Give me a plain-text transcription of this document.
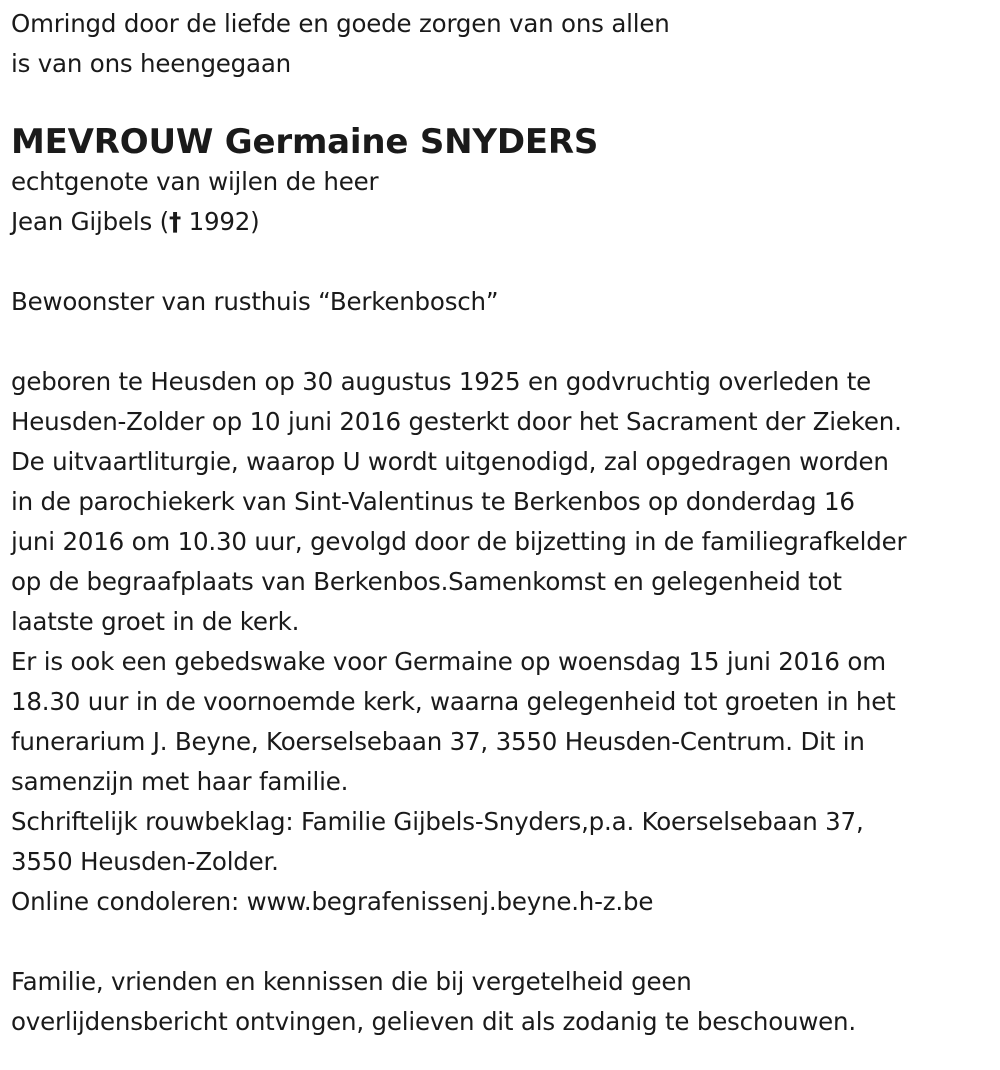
Omringd door de liefde en goede zorgen van ons allen
is van ons heengegaan
MEVROUW Germaine SNYDERS
echtgenote van wijlen de heer
Jean Gijbels († 1992)
Bewoonster van rusthuis “Berkenbosch”
geboren te Heusden op 30 augustus 1925 en godvruchtig overleden te
Heusden-Zolder op 10 juni 2016 gesterkt door het Sacrament der Zieken.
De uitvaartliturgie, waarop U wordt uitgenodigd, zal opgedragen worden
in de parochiekerk van Sint-Valentinus te Berkenbos op donderdag 16
juni 2016 om 10.30 uur, gevolgd door de bijzetting in de familiegrafkelder
op de begraafplaats van Berkenbos.Samenkomst en gelegenheid tot
laatste groet in de kerk.
Er is ook een gebedswake voor Germaine op woensdag 15 juni 2016 om
18.30 uur in de voornoemde kerk, waarna gelegenheid tot groeten in het
funerarium J. Beyne, Koerselsebaan 37, 3550 Heusden-Centrum. Dit in
samenzijn met haar familie.
Schriftelijk rouwbeklag: Familie Gijbels-Snyders,p.a. Koerselsebaan 37,
3550 Heusden-Zolder.
Online condoleren: www.begrafenissenj.beyne.h-z.be
Familie, vrienden en kennissen die bij vergetelheid geen
overlijdensbericht ontvingen, gelieven dit als zodanig te beschouwen.
